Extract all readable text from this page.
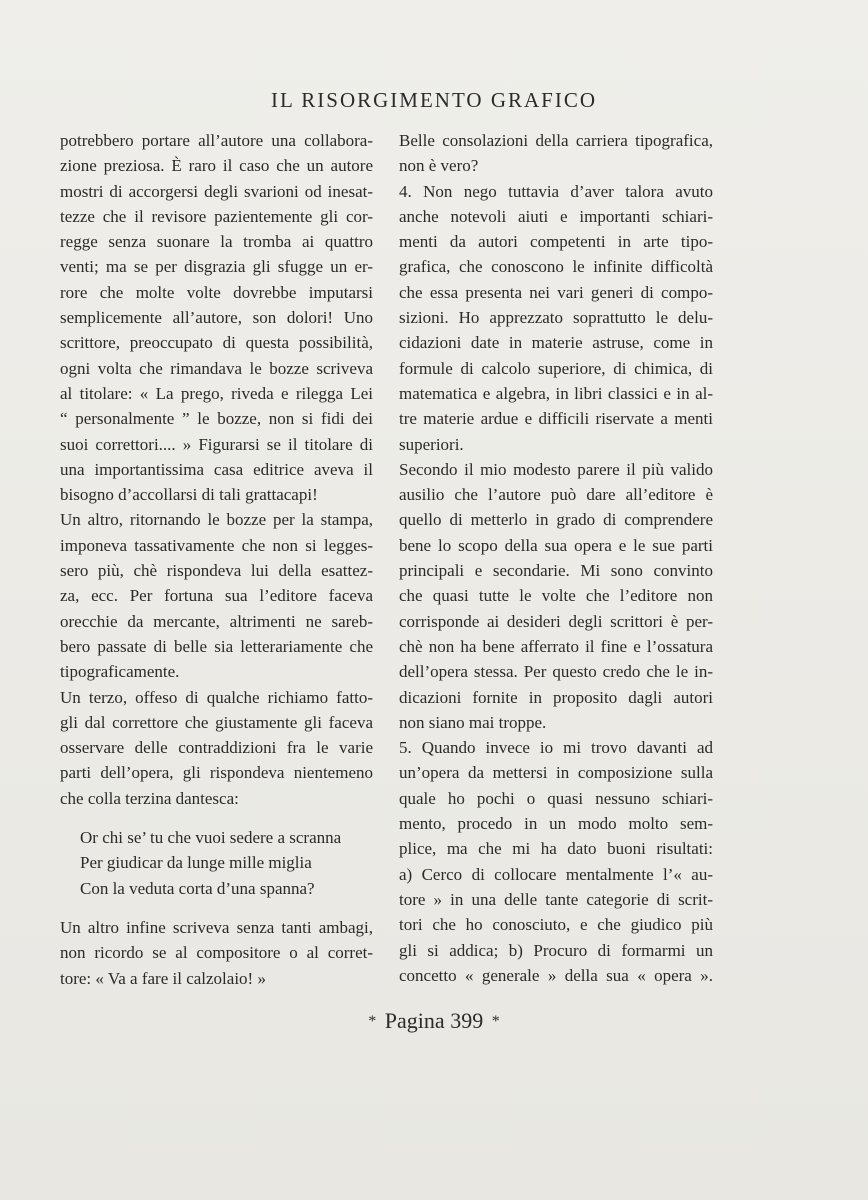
IL RISORGIMENTO GRAFICO
potrebbero portare all’autore una collabora-
zione preziosa. È raro il caso che un autore
mostri di accorgersi degli svarioni od inesat-
tezze che il revisore pazientemente gli cor-
regge senza suonare la tromba ai quattro
venti; ma se per disgrazia gli sfugge un er-
rore che molte volte dovrebbe imputarsi
semplicemente all’autore, son dolori! Uno
scrittore, preoccupato di questa possibilità,
ogni volta che rimandava le bozze scriveva
al titolare: « La prego, riveda e rilegga Lei
“ personalmente ” le bozze, non si fidi dei
suoi correttori.... » Figurarsi se il titolare di
una importantissima casa editrice aveva il
bisogno d’accollarsi di tali grattacapi!
Un altro, ritornando le bozze per la stampa,
imponeva tassativamente che non si legges-
sero più, chè rispondeva lui della esattez-
za, ecc. Per fortuna sua l’editore faceva
orecchie da mercante, altrimenti ne sareb-
bero passate di belle sia letterariamente che
tipograficamente.
Un terzo, offeso di qualche richiamo fatto-
gli dal correttore che giustamente gli faceva
osservare delle contraddizioni fra le varie
parti dell’opera, gli rispondeva nientemeno
che colla terzina dantesca:
Or chi se’ tu che vuoi sedere a scranna
Per giudicar da lunge mille miglia
Con la veduta corta d’una spanna?
Un altro infine scriveva senza tanti ambagi,
non ricordo se al compositore o al corret-
tore: « Va a fare il calzolaio! »
Belle consolazioni della carriera tipografica,
non è vero?
4. Non nego tuttavia d’aver talora avuto
anche notevoli aiuti e importanti schiari-
menti da autori competenti in arte tipo-
grafica, che conoscono le infinite difficoltà
che essa presenta nei vari generi di compo-
sizioni. Ho apprezzato soprattutto le delu-
cidazioni date in materie astruse, come in
formule di calcolo superiore, di chimica, di
matematica e algebra, in libri classici e in al-
tre materie ardue e difficili riservate a menti
superiori.
Secondo il mio modesto parere il più valido
ausilio che l’autore può dare all’editore è
quello di metterlo in grado di comprendere
bene lo scopo della sua opera e le sue parti
principali e secondarie. Mi sono convinto
che quasi tutte le volte che l’editore non
corrisponde ai desideri degli scrittori è per-
chè non ha bene afferrato il fine e l’ossatura
dell’opera stessa. Per questo credo che le in-
dicazioni fornite in proposito dagli autori
non siano mai troppe.
5. Quando invece io mi trovo davanti ad
un’opera da mettersi in composizione sulla
quale ho pochi o quasi nessuno schiari-
mento, procedo in un modo molto sem-
plice, ma che mi ha dato buoni risultati:
a) Cerco di collocare mentalmente l’« au-
tore » in una delle tante categorie di scrit-
tori che ho conosciuto, e che giudico più
gli si addica; b) Procuro di formarmi un
concetto « generale » della sua « opera ».
* Pagina 399 *
